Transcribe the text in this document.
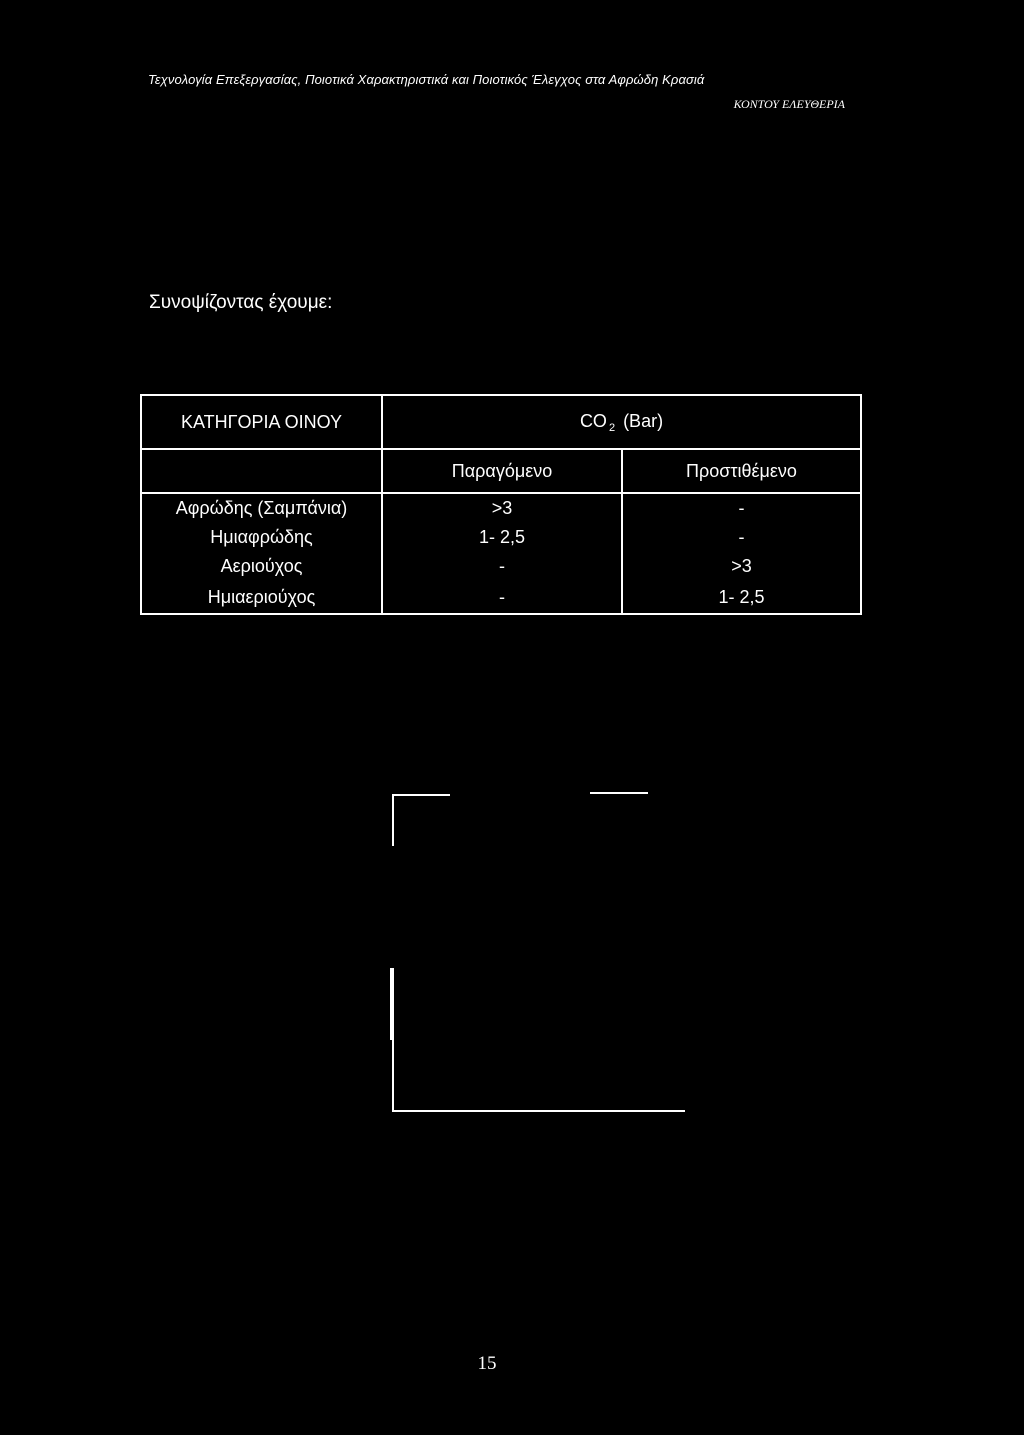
Τεχνολογία Επεξεργασίας, Ποιοτικά Χαρακτηριστικά και Ποιοτικός Έλεγχος στα Αφρώδη Κρασιά
ΚΟΝΤΟΥ ΕΛΕΥΘΕΡΙΑ
Συνοψίζοντας έχουμε:
ΚΑΤΗΓΟΡΙΑ ΟΙΝΟΥ	CO $_2$ (Bar)	
	Παραγόμενο	Προστιθέμενο
Αφρώδης (Σαμπάνια)	>3	-
Ημιαφρώδης	1- 2,5	-
Αεριούχος	-	>3
Ημιαεριούχος	-	1- 2,5
15
